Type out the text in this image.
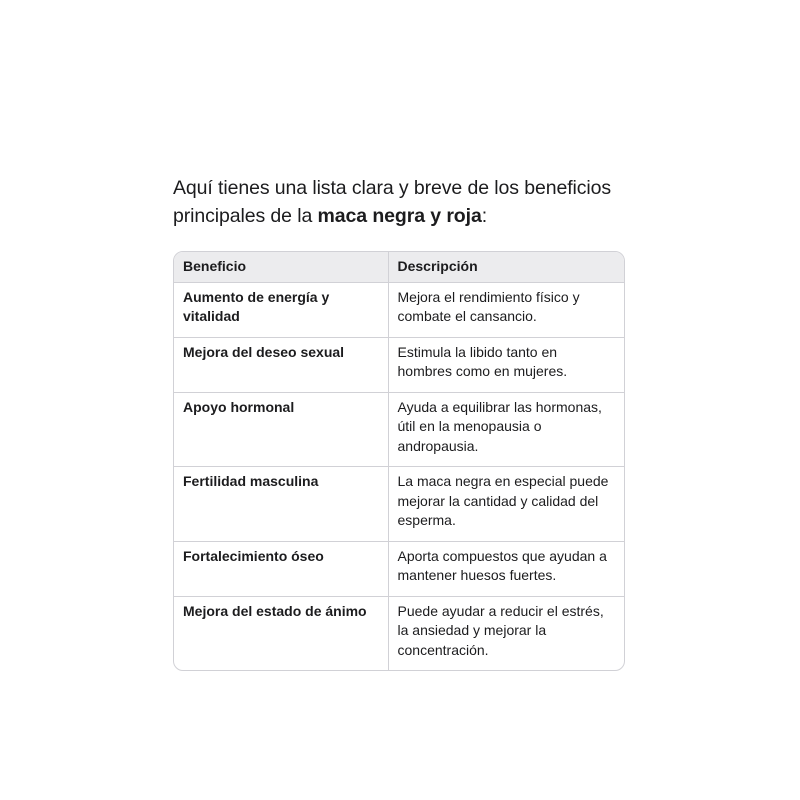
Aquí tienes una lista clara y breve de los beneficios principales de la maca negra y roja:

Beneficio	Descripción
Aumento de energía y vitalidad	Mejora el rendimiento físico y combate el cansancio.
Mejora del deseo sexual	Estimula la libido tanto en hombres como en mujeres.
Apoyo hormonal	Ayuda a equilibrar las hormonas, útil en la menopausia o andropausia.
Fertilidad masculina	La maca negra en especial puede mejorar la cantidad y calidad del esperma.
Fortalecimiento óseo	Aporta compuestos que ayudan a mantener huesos fuertes.
Mejora del estado de ánimo	Puede ayudar a reducir el estrés, la ansiedad y mejorar la concentración.
